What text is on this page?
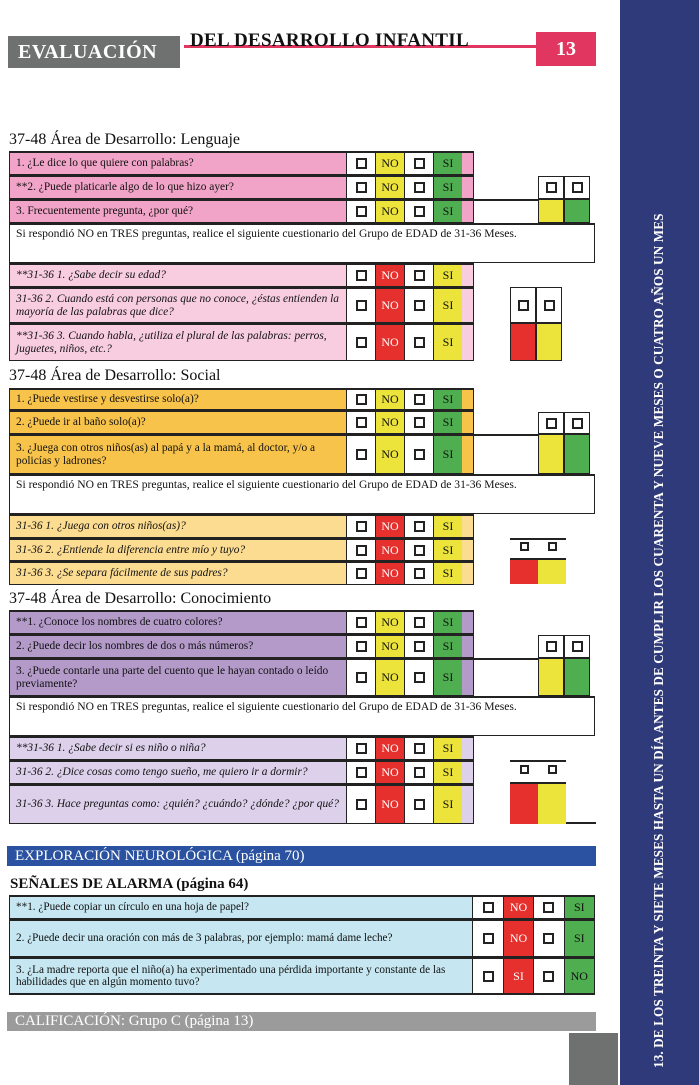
EVALUACIÓN	DEL DESARROLLO INFANTIL	13
13. DE LOS TREINTA Y SIETE MESES HASTA UN DÍA ANTES DE CUMPLIR LOS CUARENTA Y NUEVE MESES O CUATRO AÑOS UN MES
37-48 Área de Desarrollo: Lenguaje
1. ¿Le dice lo que quiere con palabras?	NO	SI
**2. ¿Puede platicarle algo de lo que hizo ayer?	NO	SI
3. Frecuentemente pregunta, ¿por qué?	NO	SI
Si respondió NO en TRES preguntas, realice el siguiente cuestionario del Grupo de EDAD de 31-36 Meses.
**31-36 1. ¿Sabe decir su edad?	NO	SI
31-36 2. Cuando está con personas que no conoce, ¿éstas entienden la mayoría de las palabras que dice?	NO	SI
**31-36 3. Cuando habla, ¿utiliza el plural de las palabras: perros, juguetes, niños, etc.?	NO	SI
37-48 Área de Desarrollo: Social
1. ¿Puede vestirse y desvestirse solo(a)?	NO	SI
2. ¿Puede ir al baño solo(a)?	NO	SI
3. ¿Juega con otros niños(as) al papá y a la mamá, al doctor, y/o a policías y ladrones?	NO	SI
Si respondió NO en TRES preguntas, realice el siguiente cuestionario del Grupo de EDAD de 31-36 Meses.
31-36 1. ¿Juega con otros niños(as)?	NO	SI
31-36 2. ¿Entiende la diferencia entre mío y tuyo?	NO	SI
31-36 3. ¿Se separa fácilmente de sus padres?	NO	SI
37-48 Área de Desarrollo: Conocimiento
**1. ¿Conoce los nombres de cuatro colores?	NO	SI
2. ¿Puede decir los nombres de dos o más números?	NO	SI
3. ¿Puede contarle una parte del cuento que le hayan contado o leído previamente?	NO	SI
Si respondió NO en TRES preguntas, realice el siguiente cuestionario del Grupo de EDAD de 31-36 Meses.
**31-36 1. ¿Sabe decir si es niño o niña?	NO	SI
31-36 2. ¿Dice cosas como tengo sueño, me quiero ir a dormir?	NO	SI
31-36 3. Hace preguntas como: ¿quién? ¿cuándo? ¿dónde? ¿por qué?	NO	SI
EXPLORACIÓN NEUROLÓGICA (página 70)
SEÑALES DE ALARMA (página 64)
**1. ¿Puede copiar un círculo en una hoja de papel?	NO	SI
2. ¿Puede decir una oración con más de 3 palabras, por ejemplo: mamá dame leche?	NO	SI
3. ¿La madre reporta que el niño(a) ha experimentado una pérdida importante y constante de las habilidades que en algún momento tuvo?	SI	NO
CALIFICACIÓN: Grupo C (página 13)
